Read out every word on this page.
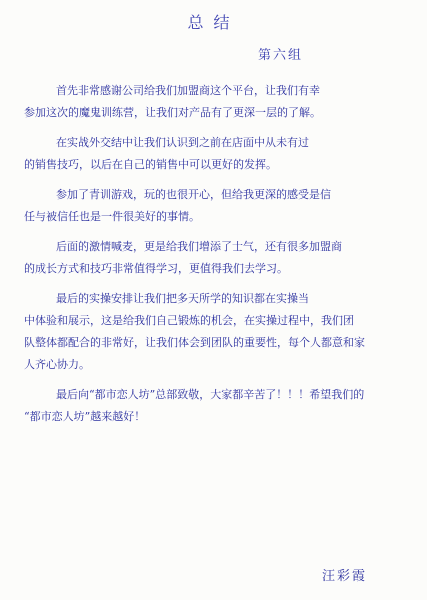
总结
第六组
首先非常感谢公司给我们加盟商这个平台，让我们有幸
参加这次的魔鬼训练营，让我们对产品有了更深一层的了解。
在实战外交结中让我们认识到之前在店面中从未有过
的销售技巧，以后在自己的销售中可以更好的发挥。
参加了青训游戏，玩的也很开心，但给我更深的感受是信
任与被信任也是一件很美好的事情。
后面的激情喊麦，更是给我们增添了士气，还有很多加盟商
的成长方式和技巧非常值得学习，更值得我们去学习。
最后的实操安排让我们把多天所学的知识都在实操当
中体验和展示，这是给我们自己锻炼的机会，在实操过程中，我们团
队整体都配合的非常好，让我们体会到团队的重要性，每个人都意和家
人齐心协力。
最后向“都市恋人坊”总部致敬，大家都辛苦了！！！希望我们的
“都市恋人坊”越来越好！
汪彩霞
